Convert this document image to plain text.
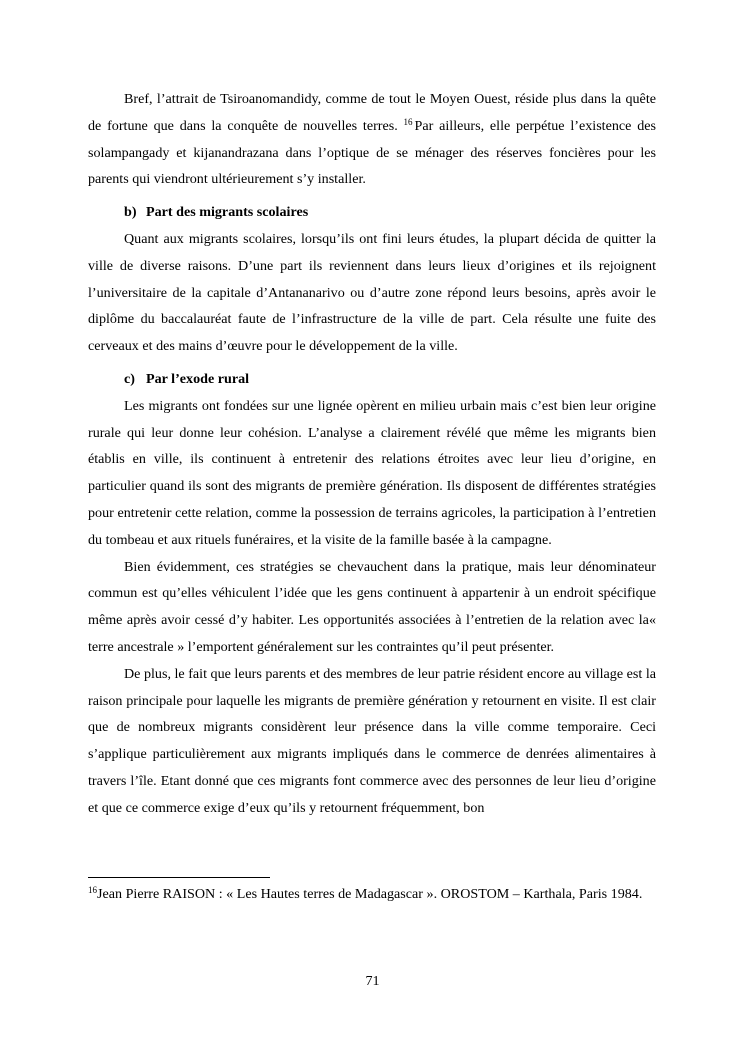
Bref, l’attrait de Tsiroanomandidy, comme de tout le Moyen Ouest, réside plus dans la quête de fortune que dans la conquête de nouvelles terres. $^{16}$ Par ailleurs, elle perpétue l’existence des solampangady et kijanandrazana dans l’optique de se ménager des réserves foncières pour les parents qui viendront ultérieurement s’y installer.

b) Part des migrants scolaires

Quant aux migrants scolaires, lorsqu’ils ont fini leurs études, la plupart décida de quitter la ville de diverse raisons. D’une part ils reviennent dans leurs lieux d’origines et ils rejoignent l’universitaire de la capitale d’Antananarivo ou d’autre zone répond leurs besoins, après avoir le diplôme du baccalauréat faute de l’infrastructure de la ville de part. Cela résulte une fuite des cerveaux et des mains d’œuvre pour le développement de la ville.

c) Par l’exode rural

Les migrants ont fondées sur une lignée opèrent en milieu urbain mais c’est bien leur origine rurale qui leur donne leur cohésion. L’analyse a clairement révélé que même les migrants bien établis en ville, ils continuent à entretenir des relations étroites avec leur lieu d’origine, en particulier quand ils sont des migrants de première génération. Ils disposent de différentes stratégies pour entretenir cette relation, comme la possession de terrains agricoles, la participation à l’entretien du tombeau et aux rituels funéraires, et la visite de la famille basée à la campagne.

Bien évidemment, ces stratégies se chevauchent dans la pratique, mais leur dénominateur commun est qu’elles véhiculent l’idée que les gens continuent à appartenir à un endroit spécifique même après avoir cessé d’y habiter. Les opportunités associées à l’entretien de la relation avec la« terre ancestrale » l’emportent généralement sur les contraintes qu’il peut présenter.

De plus, le fait que leurs parents et des membres de leur patrie résident encore au village est la raison principale pour laquelle les migrants de première génération y retournent en visite. Il est clair que de nombreux migrants considèrent leur présence dans la ville comme temporaire. Ceci s’applique particulièrement aux migrants impliqués dans le commerce de denrées alimentaires à travers l’île. Etant donné que ces migrants font commerce avec des personnes de leur lieu d’origine et que ce commerce exige d’eux qu’ils y retournent fréquemment, bon

$^{16}$Jean Pierre RAISON : « Les Hautes terres de Madagascar ». OROSTOM – Karthala, Paris 1984.

71
